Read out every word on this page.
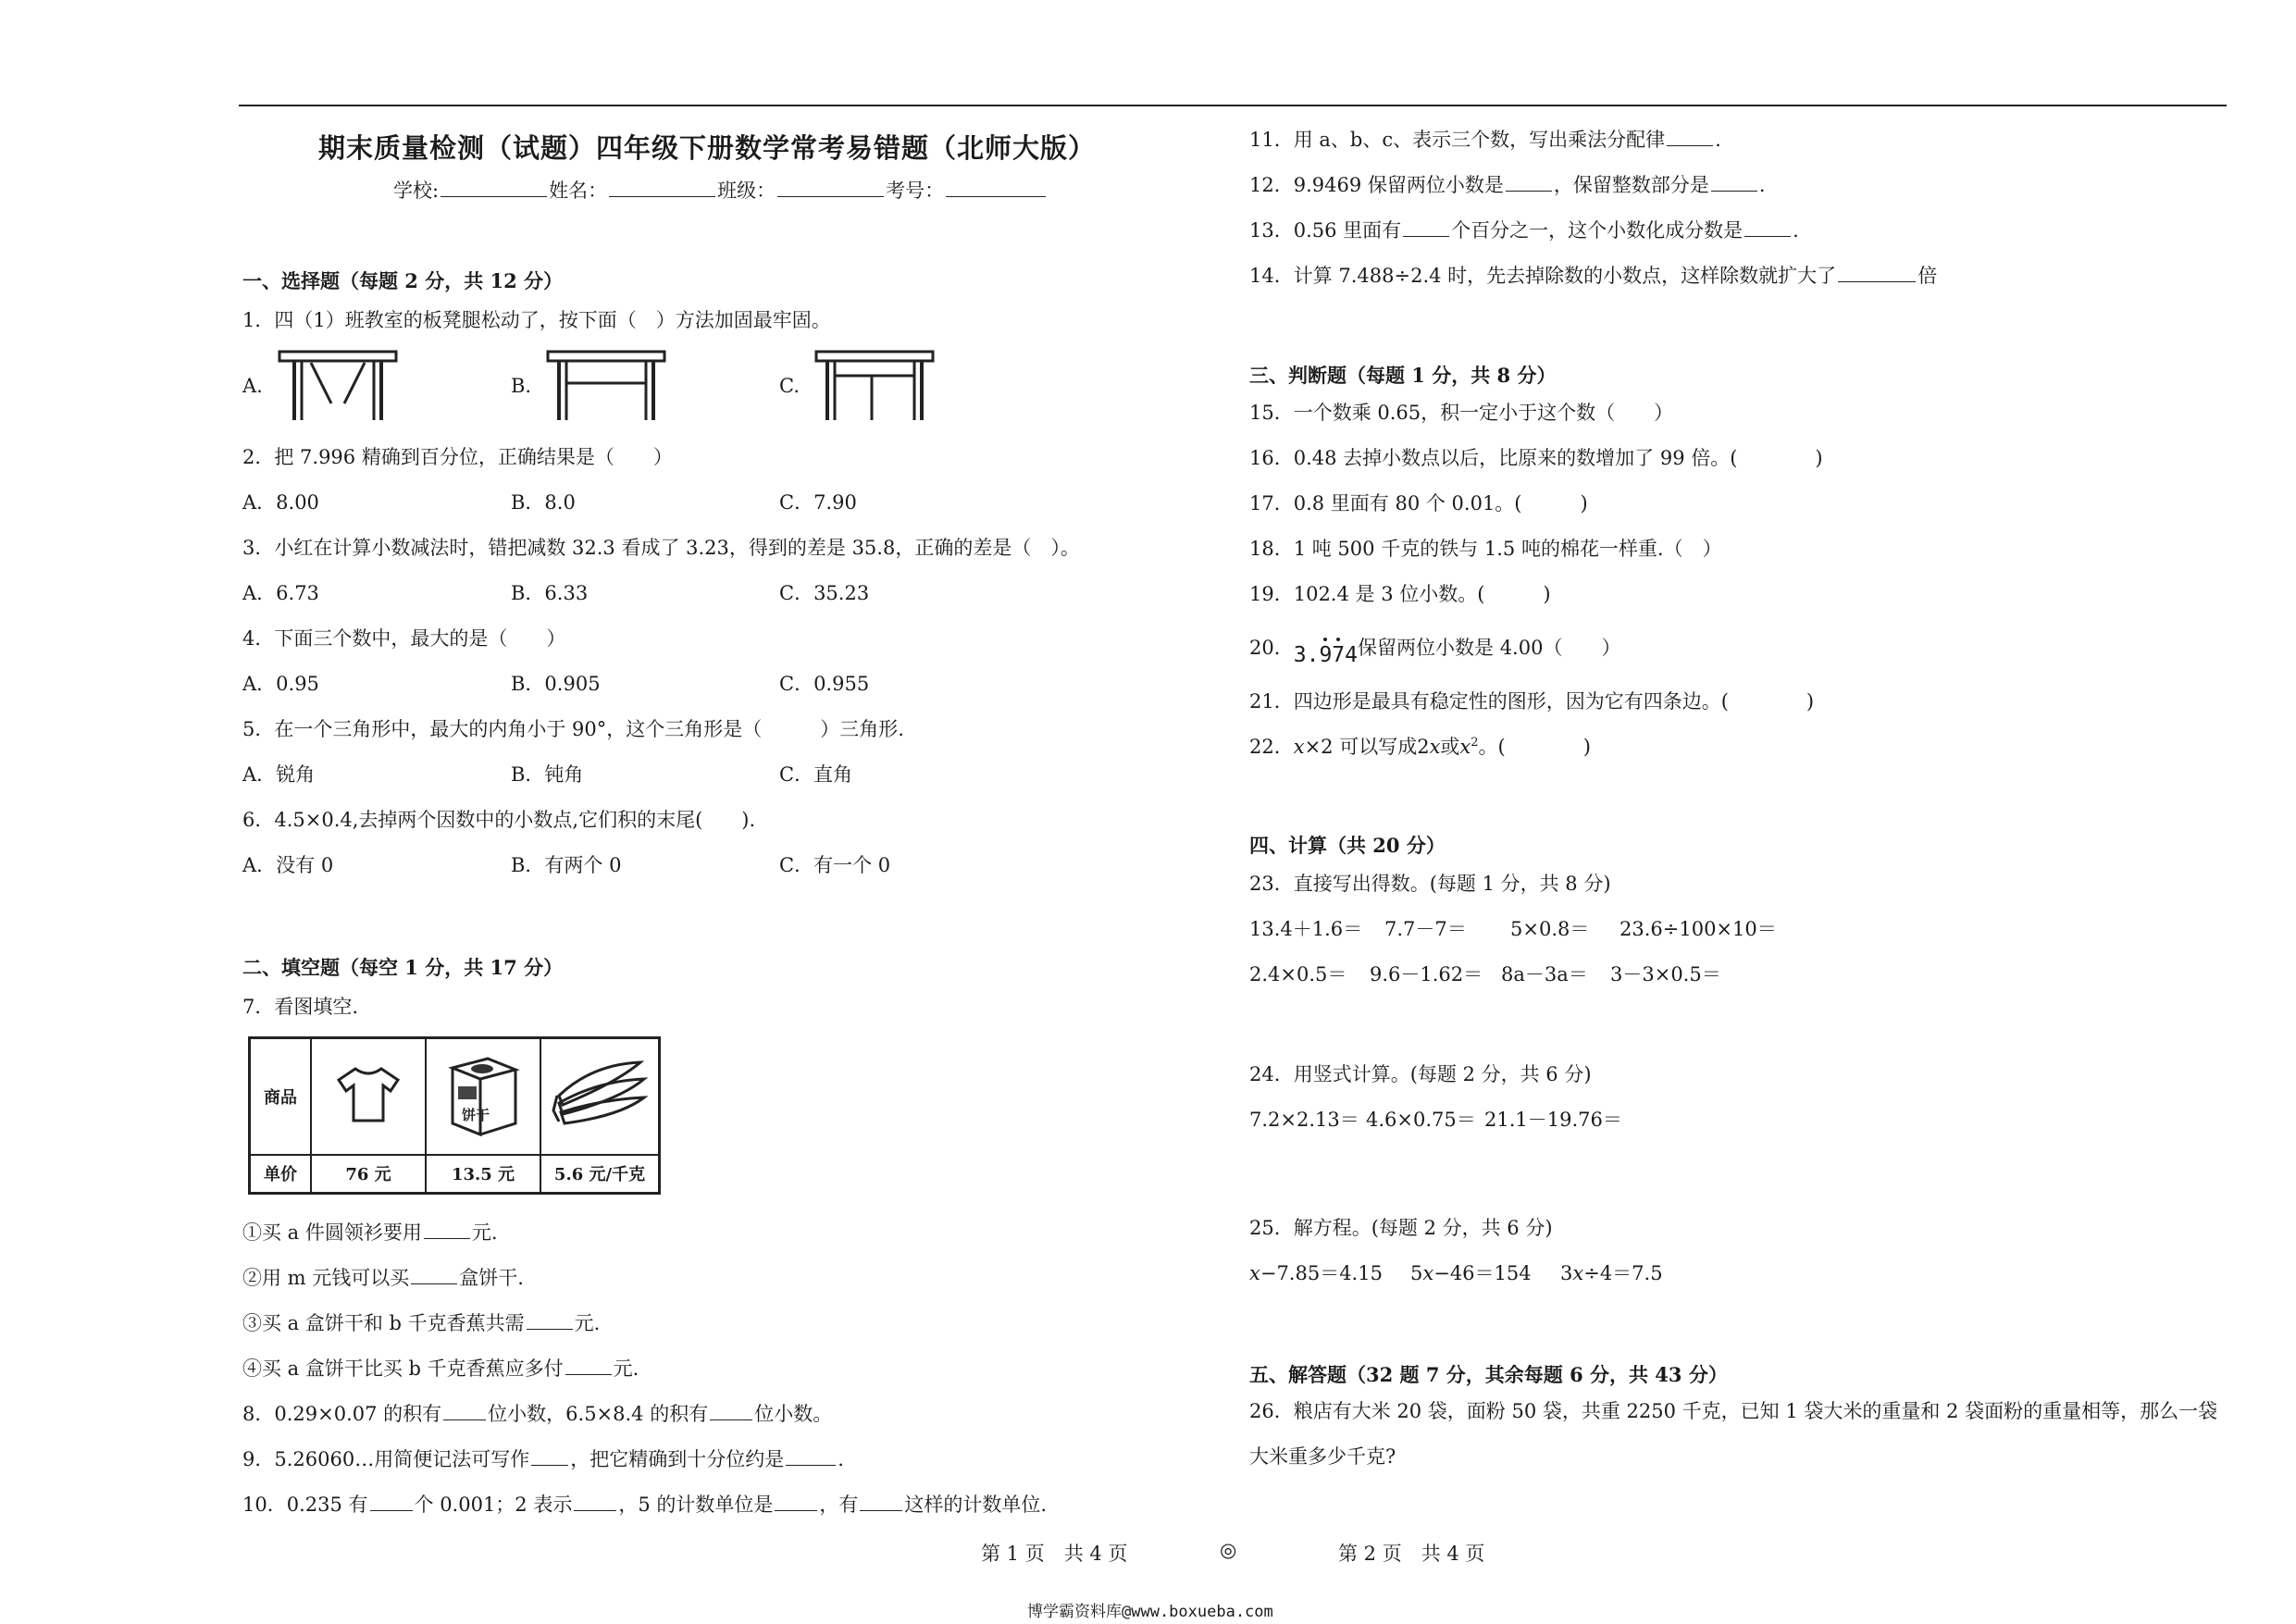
期末质量检测（试题）四年级下册数学常考易错题（北师大版）
学校:	姓名：	班级：	考号：
一、选择题（每题 2 分，共 12 分）
1．四（1）班教室的板凳腿松动了，按下面（　）方法加固最牢固。
A.	B.	C.
2．把 7.996 精确到百分位，正确结果是（　　）
A．8.00	B．8.0	C．7.90
3．小红在计算小数减法时，错把减数 32.3 看成了 3.23，得到的差是 35.8，正确的差是（　）。
A．6.73	B．6.33	C．35.23
4．下面三个数中，最大的是（　　）
A．0.95	B．0.905	C．0.955
5．在一个三角形中，最大的内角小于 90°，这个三角形是（　　　）三角形.
A．锐角	B．钝角	C．直角
6．4.5×0.4,去掉两个因数中的小数点,它们积的末尾(　　).
A．没有 0	B．有两个 0	C．有一个 0
二、填空题（每空 1 分，共 17 分）
7．看图填空.
商品		饼干

单价	76 元	13.5 元	5.6 元/千克
①买 a 件圆领衫要用	元.
②用 m 元钱可以买	盒饼干.
③买 a 盒饼干和 b 千克香蕉共需	元.
④买 a 盒饼干比买 b 千克香蕉应多付	元.
8．0.29×0.07 的积有 位小数，6.5×8.4 的积有 位小数。
9．5.26060…用简便记法可写作 ，把它精确到十分位约是	.
10．0.235 有 个 0.001；2 表示 ，5 的计数单位是 ，有 这样的计数单位.
11．用 a、b、c、表示三个数，写出乘法分配律	.
12．9.9469 保留两位小数是	，保留整数部分是	.
13．0.56 里面有	个百分之一，这个小数化成分数是	.
14．计算 7.488÷2.4 时，先去掉除数的小数点，这样除数就扩大了	倍
三、判断题（每题 1 分，共 8 分）
15．一个数乘 0.65，积一定小于这个数（　　）
16．0.48 去掉小数点以后，比原来的数增加了 99 倍。(　　　　)
17．0.8 里面有 80 个 0.01。(　　　)
18．1 吨 500 千克的铁与 1.5 吨的棉花一样重.（　）
19．102.4 是 3 位小数。(　　　)
20．3.974保留两位小数是 4.00（　　）
21．四边形是最具有稳定性的图形，因为它有四条边。(　　　　)
22．x×2 可以写成2x或$x^2$。(　　　　)
四、计算（共 20 分）
23．直接写出得数。(每题 1 分，共 8 分)
13.4＋1.6＝ 7.7－7＝ 5×0.8＝ 23.6÷100×10＝
2.4×0.5＝ 9.6－1.62＝ 8a－3a＝ 3－3×0.5＝
24．用竖式计算。(每题 2 分，共 6 分)
7.2×2.13＝ 4.6×0.75＝ 21.1－19.76＝
25．解方程。(每题 2 分，共 6 分)
x−7.85＝4.15 5x−46＝154 3x÷4＝7.5
五、解答题（32 题 7 分，其余每题 6 分，共 43 分）
26．粮店有大米 20 袋，面粉 50 袋，共重 2250 千克，已知 1 袋大米的重量和 2 袋面粉的重量相等，那么一袋
大米重多少千克?
第 1 页　共 4 页	◎	第 2 页　共 4 页
博学霸资料库@www.boxueba.com
